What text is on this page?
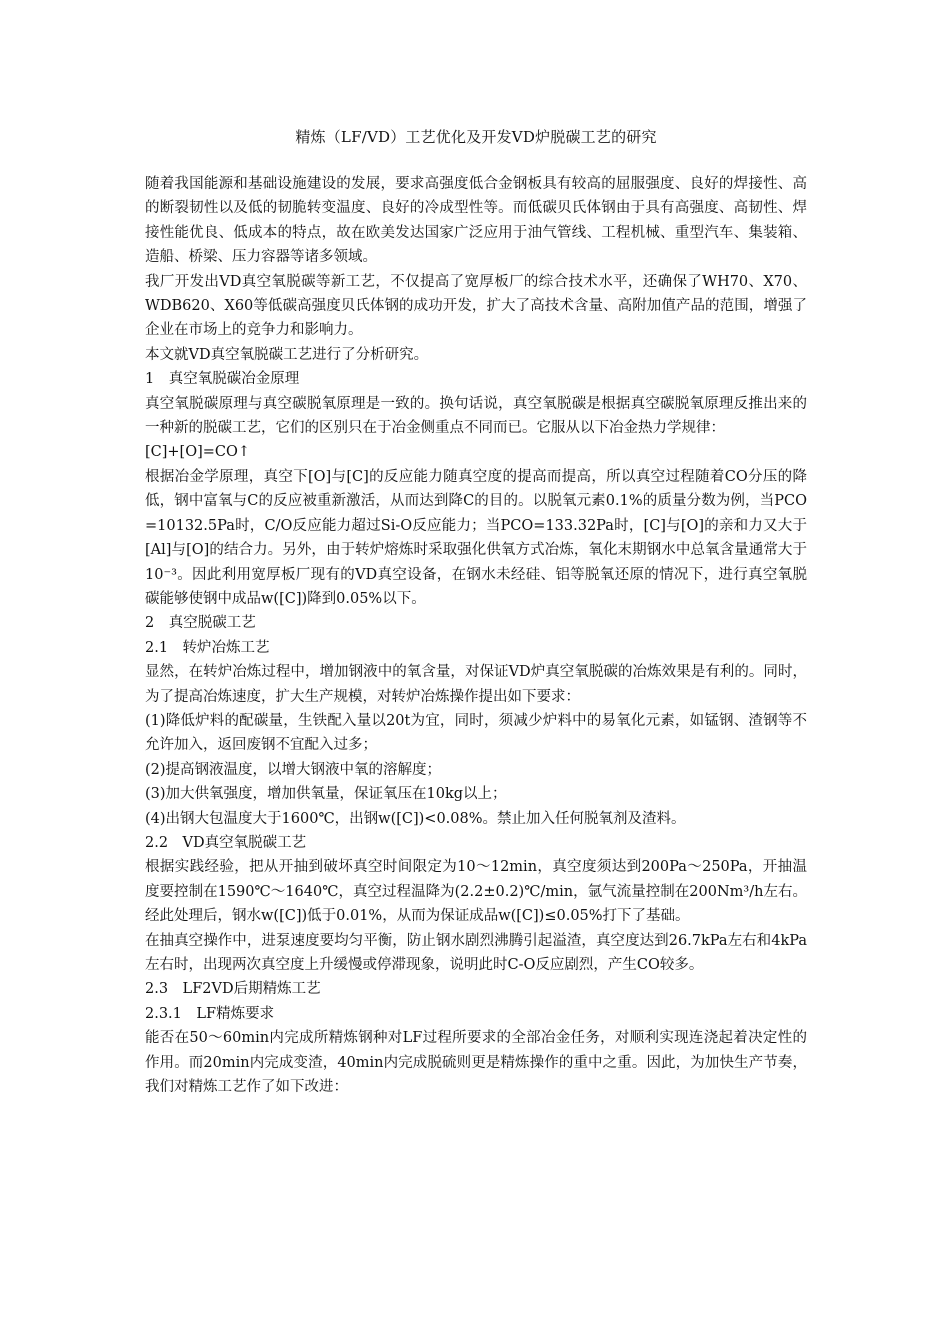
精炼（LF/VD）工艺优化及开发VD炉脱碳工艺的研究

随着我国能源和基础设施建设的发展，要求高强度低合金钢板具有较高的屈服强度、良好的焊接性、高的断裂韧性以及低的韧脆转变温度、良好的冷成型性等。而低碳贝氏体钢由于具有高强度、高韧性、焊接性能优良、低成本的特点，故在欧美发达国家广泛应用于油气管线、工程机械、重型汽车、集装箱、造船、桥梁、压力容器等诸多领域。

我厂开发出VD真空氧脱碳等新工艺，不仅提高了宽厚板厂的综合技术水平，还确保了WH70、X70、WDB620、X60等低碳高强度贝氏体钢的成功开发，扩大了高技术含量、高附加值产品的范围，增强了企业在市场上的竞争力和影响力。

本文就VD真空氧脱碳工艺进行了分析研究。

1　真空氧脱碳冶金原理

真空氧脱碳原理与真空碳脱氧原理是一致的。换句话说，真空氧脱碳是根据真空碳脱氧原理反推出来的一种新的脱碳工艺，它们的区别只在于冶金侧重点不同而已。它服从以下冶金热力学规律：

[C]+[O]=CO↑

根据冶金学原理，真空下[O]与[C]的反应能力随真空度的提高而提高，所以真空过程随着CO分压的降低，钢中富氧与C的反应被重新激活，从而达到降C的目的。以脱氧元素0.1%的质量分数为例，当PCO=10132.5Pa时，C/O反应能力超过Si-O反应能力；当PCO=133.32Pa时，[C]与[O]的亲和力又大于[Al]与[O]的结合力。另外，由于转炉熔炼时采取强化供氧方式冶炼，氧化末期钢水中总氧含量通常大于10⁻³。因此利用宽厚板厂现有的VD真空设备，在钢水未经硅、铝等脱氧还原的情况下，进行真空氧脱碳能够使钢中成品w([C])降到0.05%以下。

2　真空脱碳工艺

2.1　转炉冶炼工艺

显然，在转炉冶炼过程中，增加钢液中的氧含量，对保证VD炉真空氧脱碳的冶炼效果是有利的。同时，为了提高冶炼速度，扩大生产规模，对转炉冶炼操作提出如下要求：

(1)降低炉料的配碳量，生铁配入量以20t为宜，同时，须减少炉料中的易氧化元素，如锰钢、渣钢等不允许加入，返回废钢不宜配入过多；

(2)提高钢液温度，以增大钢液中氧的溶解度；

(3)加大供氧强度，增加供氧量，保证氧压在10kg以上；

(4)出钢大包温度大于1600℃，出钢w([C])<0.08%。禁止加入任何脱氧剂及渣料。

2.2　VD真空氧脱碳工艺

根据实践经验，把从开抽到破坏真空时间限定为10～12min，真空度须达到200Pa～250Pa，开抽温度要控制在1590℃～1640℃，真空过程温降为(2.2±0.2)℃/min，氩气流量控制在200Nm³/h左右。经此处理后，钢水w([C])低于0.01%，从而为保证成品w([C])≤0.05%打下了基础。

在抽真空操作中，进泵速度要均匀平衡，防止钢水剧烈沸腾引起溢渣，真空度达到26.7kPa左右和4kPa左右时，出现两次真空度上升缓慢或停滞现象，说明此时C-O反应剧烈，产生CO较多。

2.3　LF2VD后期精炼工艺

2.3.1　LF精炼要求

能否在50～60min内完成所精炼钢种对LF过程所要求的全部冶金任务，对顺利实现连浇起着决定性的作用。而20min内完成变渣，40min内完成脱硫则更是精炼操作的重中之重。因此，为加快生产节奏，我们对精炼工艺作了如下改进：
